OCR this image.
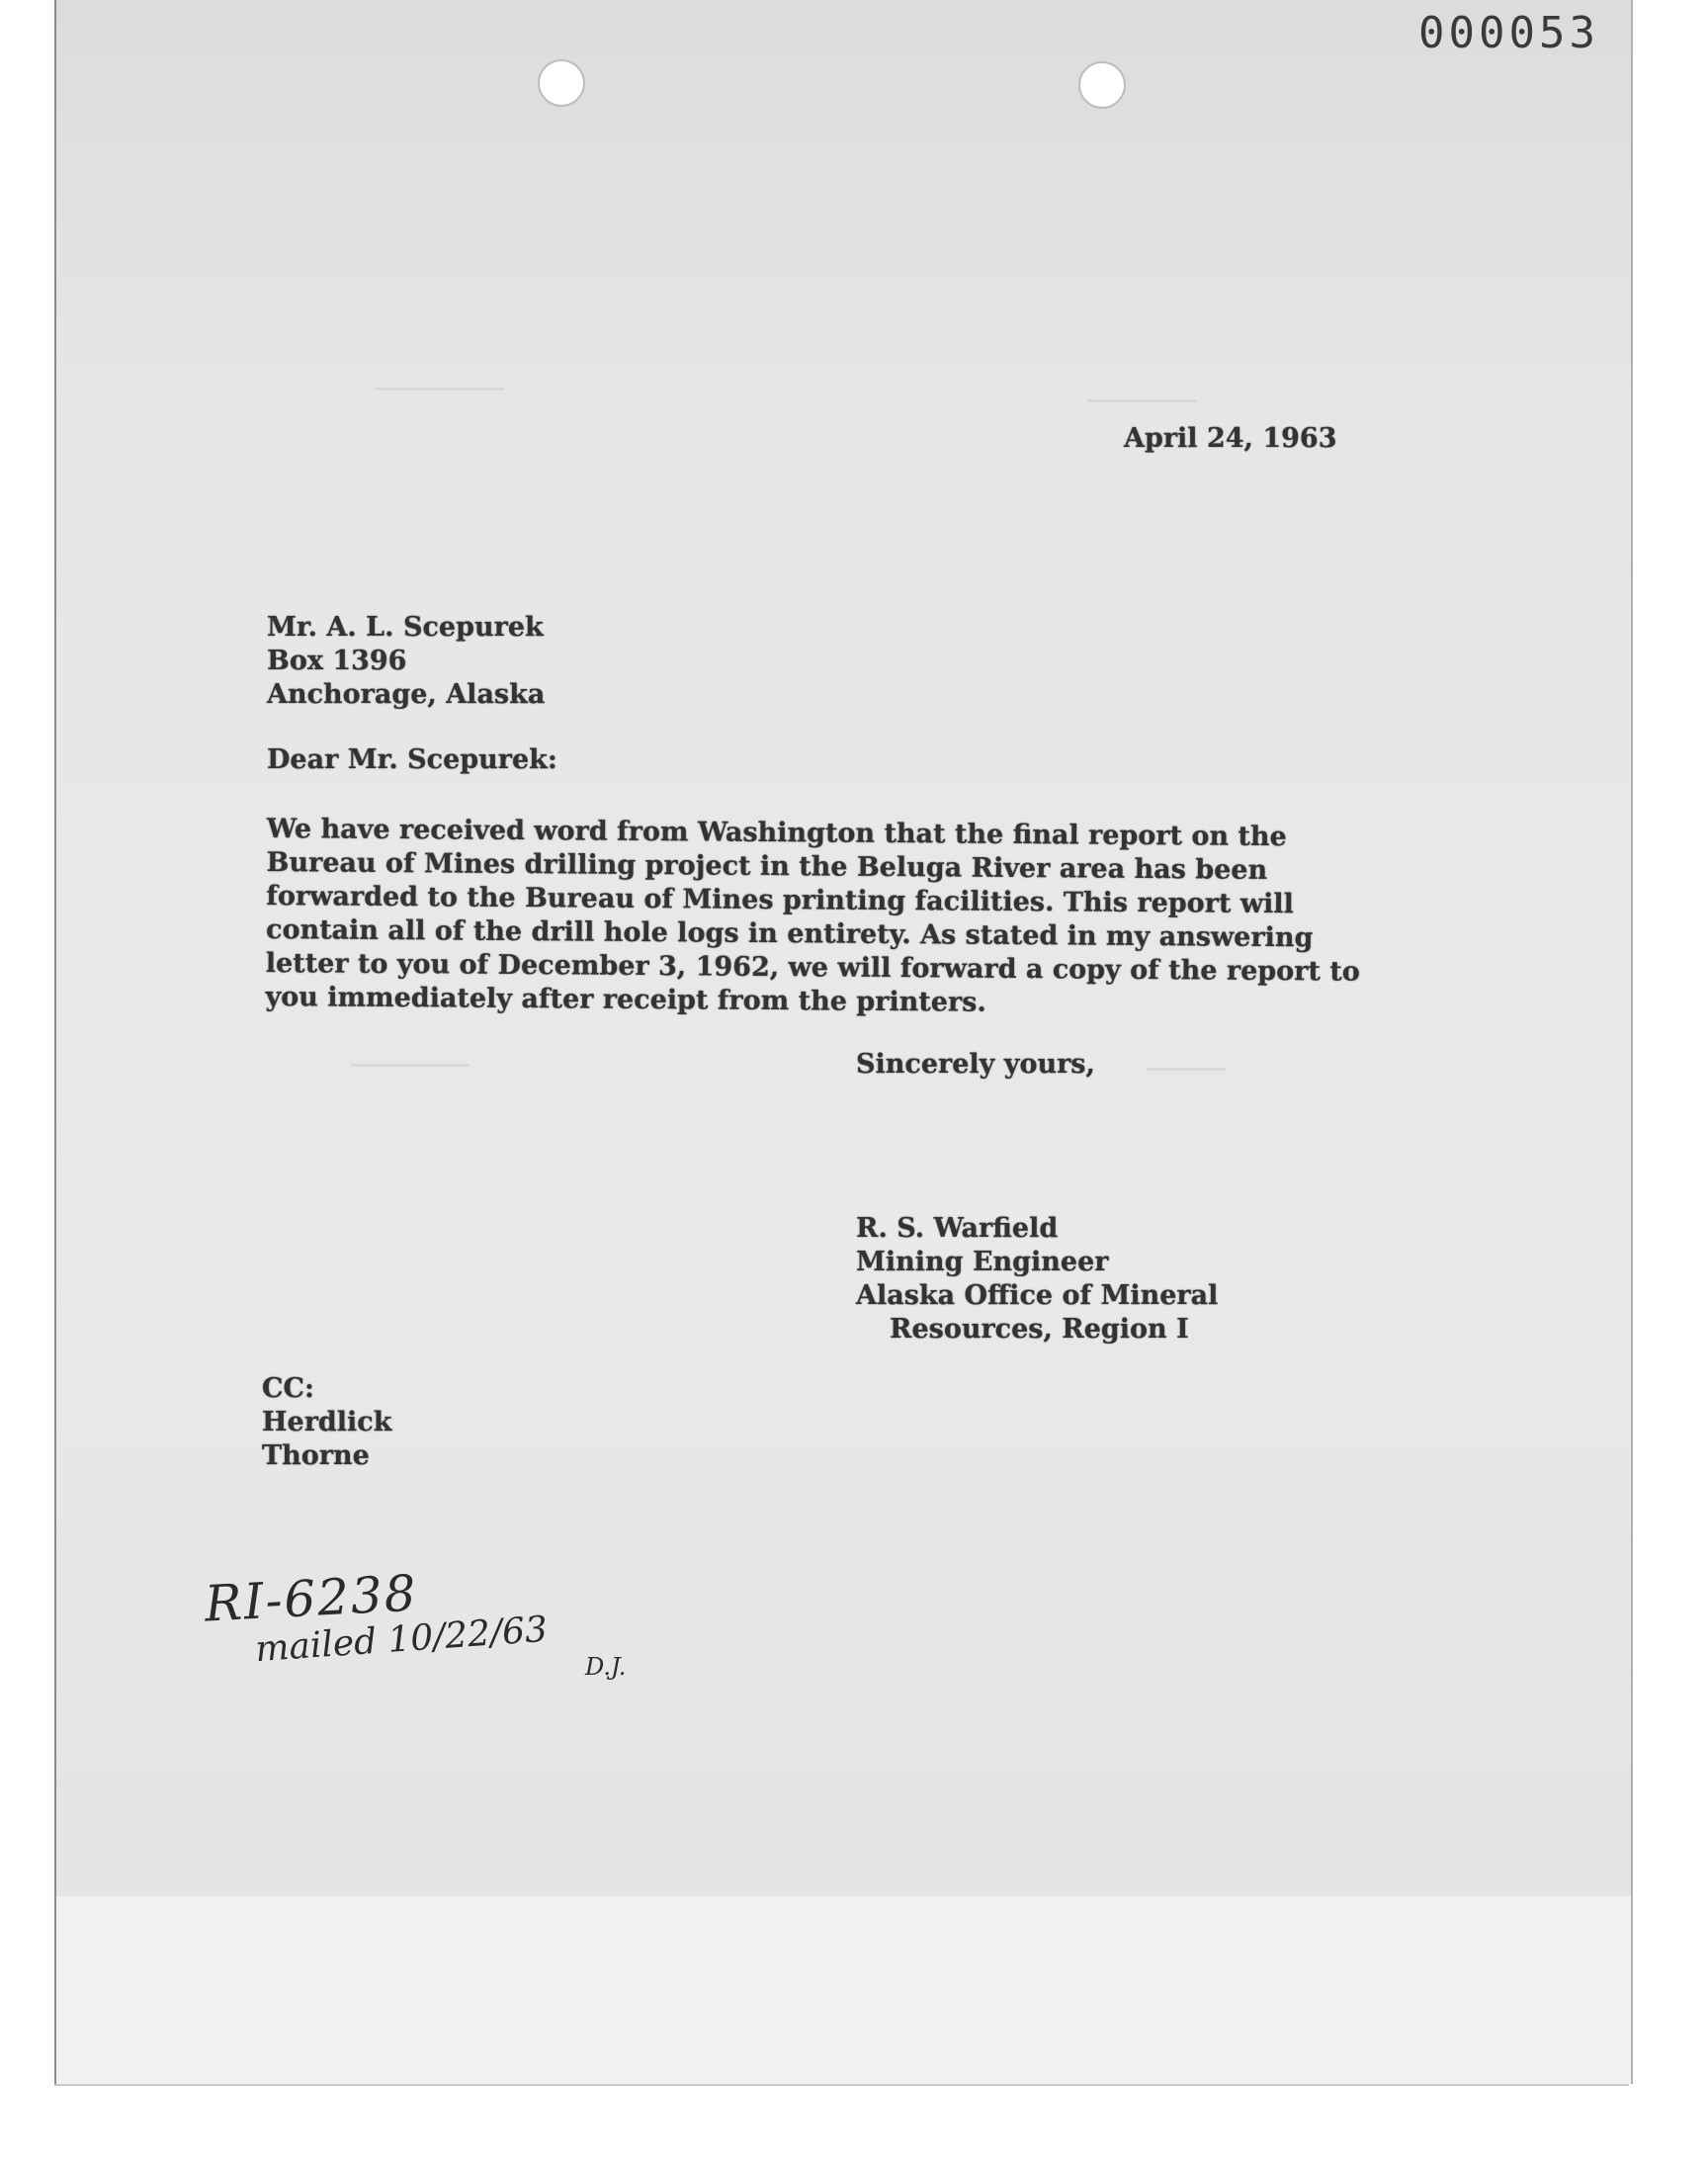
000053
April 24, 1963
Mr. A. L. Scepurek
Box 1396
Anchorage, Alaska
Dear Mr. Scepurek:
We have received word from Washington that the final report on the Bureau of Mines drilling project in the Beluga River area has been forwarded to the Bureau of Mines printing facilities. This report will contain all of the drill hole logs in entirety. As stated in my answering letter to you of December 3, 1962, we will forward a copy of the report to you immediately after receipt from the printers.
Sincerely yours,
R. S. Warfield
Mining Engineer
Alaska Office of Mineral
Resources, Region I
CC:
Herdlick
Thorne
RI-6238
mailed 10/22/63 D.J.
